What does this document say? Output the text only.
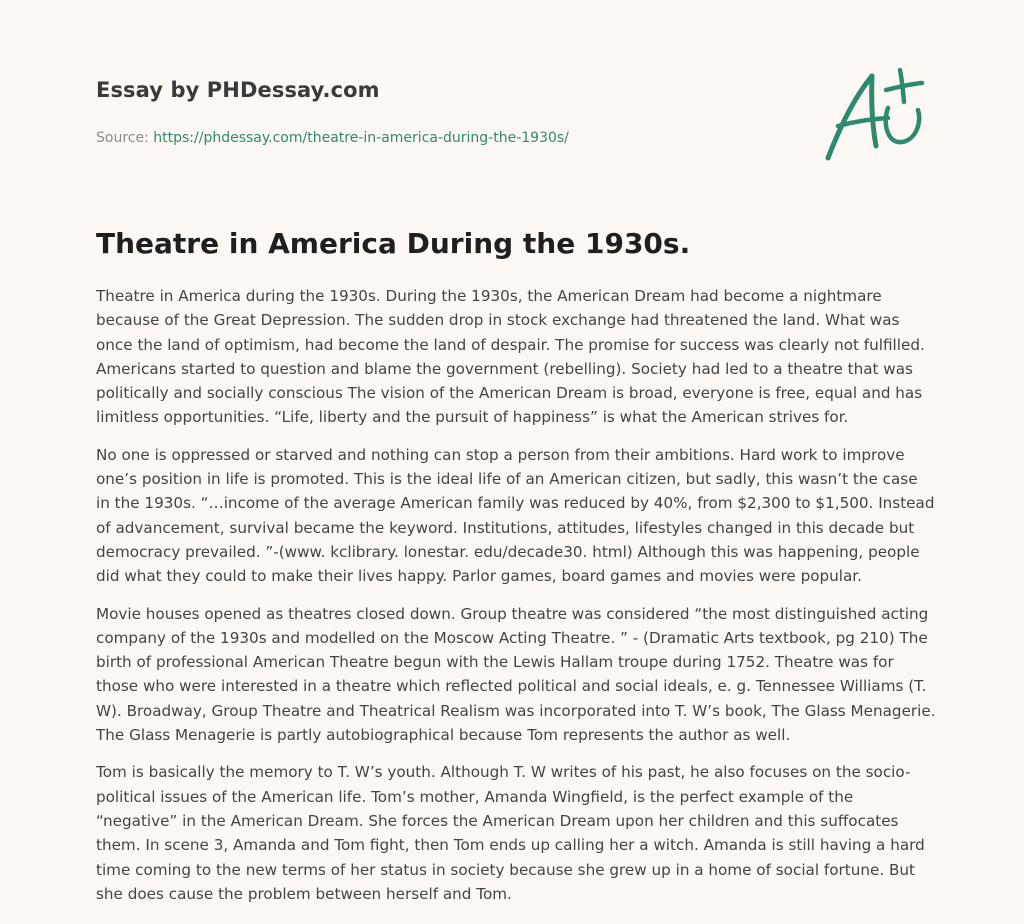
Essay by PHDessay.com
Source: https://phdessay.com/theatre-in-america-during-the-1930s/
Theatre in America During the 1930s.

Theatre in America during the 1930s. During the 1930s, the American Dream had become a nightmare because of the Great Depression. The sudden drop in stock exchange had threatened the land. What was once the land of optimism, had become the land of despair. The promise for success was clearly not fulfilled. Americans started to question and blame the government (rebelling). Society had led to a theatre that was politically and socially conscious The vision of the American Dream is broad, everyone is free, equal and has limitless opportunities. “Life, liberty and the pursuit of happiness” is what the American strives for.

No one is oppressed or starved and nothing can stop a person from their ambitions. Hard work to improve one’s position in life is promoted. This is the ideal life of an American citizen, but sadly, this wasn’t the case in the 1930s. “…income of the average American family was reduced by 40%, from $2,300 to $1,500. Instead of advancement, survival became the keyword. Institutions, attitudes, lifestyles changed in this decade but democracy prevailed. ”-(www. kclibrary. lonestar. edu/decade30. html) Although this was happening, people did what they could to make their lives happy. Parlor games, board games and movies were popular.

Movie houses opened as theatres closed down. Group theatre was considered “the most distinguished acting company of the 1930s and modelled on the Moscow Acting Theatre. ” - (Dramatic Arts textbook, pg 210) The birth of professional American Theatre begun with the Lewis Hallam troupe during 1752. Theatre was for those who were interested in a theatre which reflected political and social ideals, e. g. Tennessee Williams (T. W). Broadway, Group Theatre and Theatrical Realism was incorporated into T. W’s book, The Glass Menagerie. The Glass Menagerie is partly autobiographical because Tom represents the author as well.

Tom is basically the memory to T. W’s youth. Although T. W writes of his past, he also focuses on the socio-political issues of the American life. Tom’s mother, Amanda Wingfield, is the perfect example of the “negative” in the American Dream. She forces the American Dream upon her children and this suffocates them. In scene 3, Amanda and Tom fight, then Tom ends up calling her a witch. Amanda is still having a hard time coming to the new terms of her status in society because she grew up in a home of social fortune. But she does cause the problem between herself and Tom.
